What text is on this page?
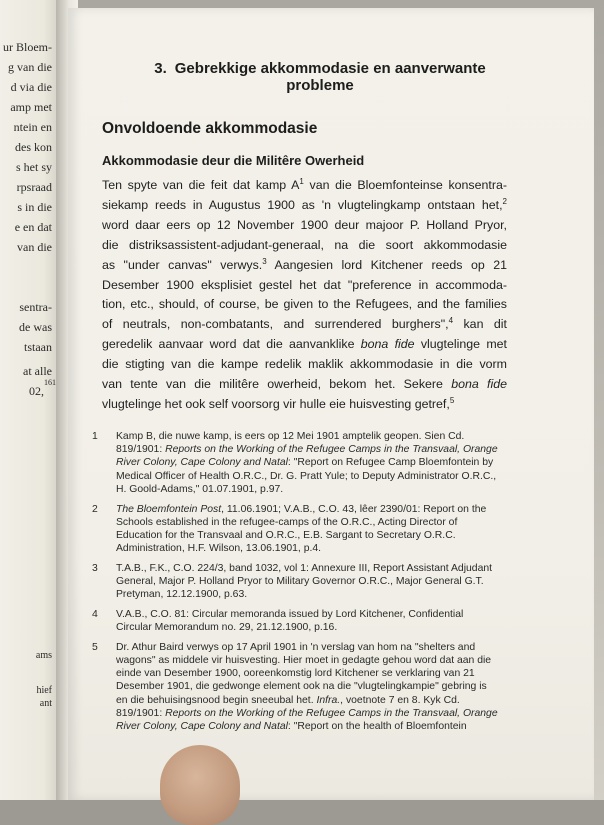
ur Bloem-
g van die
d via die
amp met
ntein en
des kon
s het sy
rpsraad
s in die
e en dat
van die
sentra-
de was
tstaan
at alle
02,
161
ams
hief
ant
3. Gebrekkige akkommodasie en aanverwante
probleme
Onvoldoende akkommodasie
Akkommodasie deur die Militêre Owerheid
Ten spyte van die feit dat kamp $A^1$ van die Bloemfonteinse konsentra-
siekamp reeds in Augustus 1900 as 'n vlugtelingkamp ontstaan het,$^2$
word daar eers op 12 November 1900 deur majoor P. Holland Pryor,
die distriksassistent-adjudant-generaal, na die soort akkommodasie
as "under canvas" verwys.$^3$ Aangesien lord Kitchener reeds op 21
Desember 1900 eksplisiet gestel het dat "preference in accommoda-
tion, etc., should, of course, be given to the Refugees, and the families
of neutrals, non-combatants, and surrendered burghers",$^4$ kan dit
geredelik aanvaar word dat die aanvanklike bona fide vlugtelinge met
die stigting van die kampe redelik maklik akkommodasie in die vorm
van tente van die militêre owerheid, bekom het. Sekere bona fide
vlugtelinge het ook self voorsorg vir hulle eie huisvesting getref,$^5$
1 Kamp B, die nuwe kamp, is eers op 12 Mei 1901 amptelik geopen. Sien Cd.
819/1901: Reports on the Working of the Refugee Camps in the Transvaal, Orange
River Colony, Cape Colony and Natal: "Report on Refugee Camp Bloemfontein by
Medical Officer of Health O.R.C., Dr. G. Pratt Yule; to Deputy Administrator O.R.C.,
H. Goold-Adams," 01.07.1901, p.97.
2 The Bloemfontein Post, 11.06.1901; V.A.B., C.O. 43, lêer 2390/01: Report on the
Schools established in the refugee-camps of the O.R.C., Acting Director of
Education for the Transvaal and O.R.C., E.B. Sargant to Secretary O.R.C.
Administration, H.F. Wilson, 13.06.1901, p.4.
3 T.A.B., F.K., C.O. 224/3, band 1032, vol 1: Annexure III, Report Assistant Adjudant
General, Major P. Holland Pryor to Military Governor O.R.C., Major General G.T.
Pretyman, 12.12.1900, p.63.
4 V.A.B., C.O. 81: Circular memoranda issued by Lord Kitchener, Confidential
Circular Memorandum no. 29, 21.12.1900, p.16.
5 Dr. Athur Baird verwys op 17 April 1901 in 'n verslag van hom na "shelters and
wagons" as middele vir huisvesting. Hier moet in gedagte gehou word dat aan die
einde van Desember 1900, ooreenkomstig lord Kitchener se verklaring van 21
Desember 1901, die gedwonge element ook na die "vlugtelingkampie" gebring is
en die behuisingsnood begin sneeubal het. Infra., voetnote 7 en 8. Kyk Cd.
819/1901: Reports on the Working of the Refugee Camps in the Transvaal, Orange
River Colony, Cape Colony and Natal: "Report on the health of Bloemfontein
